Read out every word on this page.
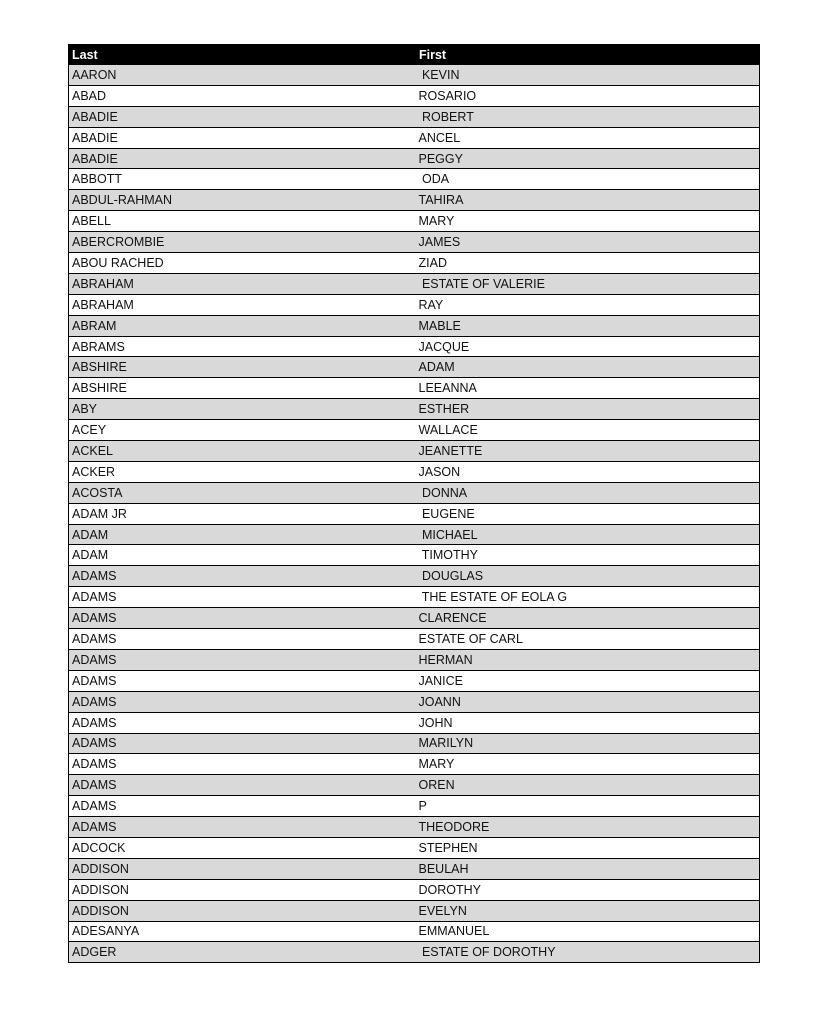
Last	First
AARON	KEVIN
ABAD	ROSARIO
ABADIE	ROBERT
ABADIE	ANCEL
ABADIE	PEGGY
ABBOTT	ODA
ABDUL-RAHMAN	TAHIRA
ABELL	MARY
ABERCROMBIE	JAMES
ABOU RACHED	ZIAD
ABRAHAM	ESTATE OF VALERIE
ABRAHAM	RAY
ABRAM	MABLE
ABRAMS	JACQUE
ABSHIRE	ADAM
ABSHIRE	LEEANNA
ABY	ESTHER
ACEY	WALLACE
ACKEL	JEANETTE
ACKER	JASON
ACOSTA	DONNA
ADAM JR	EUGENE
ADAM	MICHAEL
ADAM	TIMOTHY
ADAMS	DOUGLAS
ADAMS	THE ESTATE OF EOLA G
ADAMS	CLARENCE
ADAMS	ESTATE OF CARL
ADAMS	HERMAN
ADAMS	JANICE
ADAMS	JOANN
ADAMS	JOHN
ADAMS	MARILYN
ADAMS	MARY
ADAMS	OREN
ADAMS	P
ADAMS	THEODORE
ADCOCK	STEPHEN
ADDISON	BEULAH
ADDISON	DOROTHY
ADDISON	EVELYN
ADESANYA	EMMANUEL
ADGER	ESTATE OF DOROTHY
